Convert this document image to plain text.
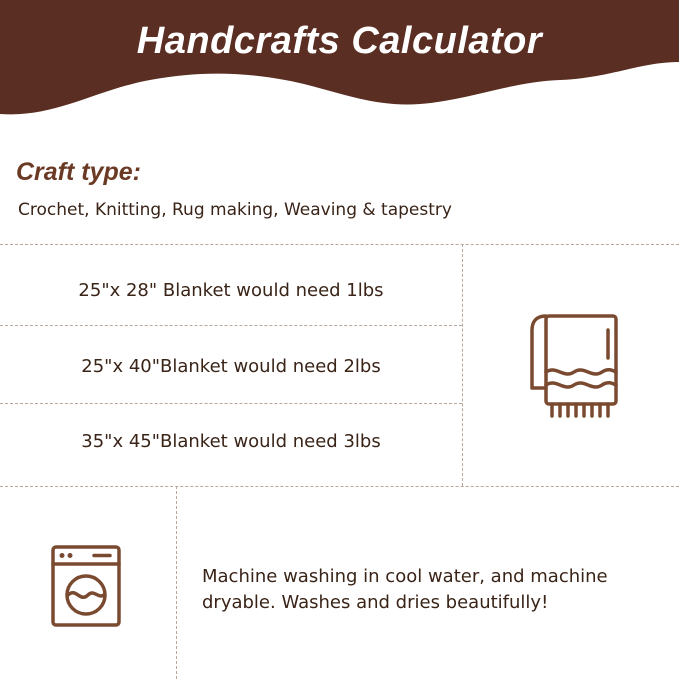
Handcrafts Calculator
Craft type:
Crochet, Knitting, Rug making, Weaving & tapestry
25"x 28" Blanket would need 1lbs
25"x 40"Blanket would need 2lbs
35"x 45"Blanket would need 3lbs
Machine washing in cool water, and machine dryable. Washes and dries beautifully!
